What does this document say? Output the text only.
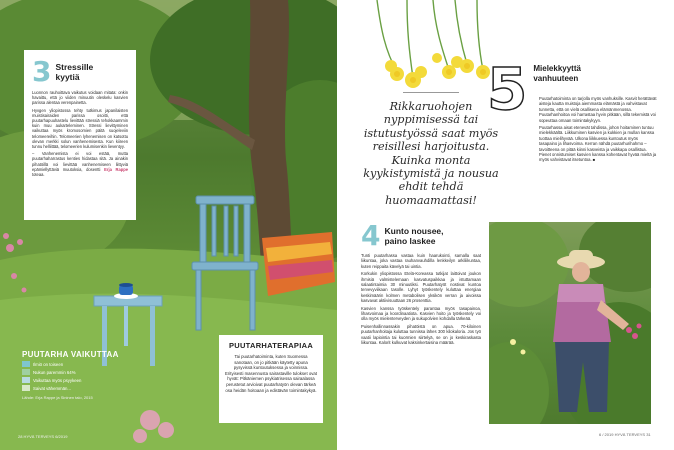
3 Stressille
kyytiä

Luonnon rauhoittava vaikutus voidaan mitata: onkin havaittu, että jo viiden minuutin oleskelu kasvien parissa alentaa verenpainetta.

Hyvgen yliopistossa tehty tutkimus japanilaisten muistisairaiden parissa osoitti, että puutarhapuuhastelu lievittää stressiä tehokkaammin kuin muu aukarteleminen. Stressi lievittyminen vaikuttaa myös kromosomien päitä suojeleviin telomeereihin. Telomeerien lyhenemisen on katsottu olevan merkki solun vanhenemisesta. Kun kiireen tunnu helliittää, telomeerien kulumisenkin lieventyy.

– Vanhenemista ei voi estää, mutta puutarhaharrastus kenties hidastaa sitä. Ja ainakin pihatöillä voi lievittää vanhenemiseen liittyviä epämiellyttäviä muutoksia, dosentti Erja Rappe toteaa.

PUUTARHA VAIKUTTAA
Ilmiö on toiseen
Nukun paremmin 64%
Vaikuttaa myös psyykeen
Saivat vähemmän...
Lähde: Erja Rappe ja Sininen talo, 2015
PUUTARHATERAPIAA
Tai puutarhatoiminta, kuten Suomessa sanotaan, on jo pitkään käytetty apuna pysyvissä kuntoutuksessa ja voinnissa. Erityisesti masennusta sairastaville tulokset ovat hyvät: Pitkäniemen psykiatrisessa sairaalassa perustetut arvioivat puutarhatyön olevan tärkeä osa heidän hoitoaan ja edistävän toimintakykyä.
28 HYVÄ TERVEYS 6/2019
Rikkaruohojen nyppimisessä tai istutustyössä saat myös reisillesi harjoitusta. Kuinka monta kyykistymistä ja nousua ehdit tehdä huomaamattasi!
5 Mielekkyyttä
vanhuuteen

Puutarhatoiminta on tarjolla myös vanhuksille. Kasvit herättävät aisteja kautta muistoja aiemmasta elämästä ja vahvistavat tunnetta, että on vielä osallisena elämänmenossa. Puutarhanhoitoa voi harrastaa hyvin pitkään, sillä tekemistä voi sopeuttaa omaan toimintakykyyn.

Puutarhassa aisat etenevät tahdissa, johon hoitaminen tuntuu mielekkäältä. Liikkuminen kasvien ja kukkien ja mullan kanssa tuottaa mielihyvää. Ulkona liikkuessa kuntoutus myös tasapaino ja lihasvoima. Kerran nähdä puutarhurihahmo – tavoitteena on pitää kiinni kasveista ja vaikkapa osallistua. Pienet onnistumiset kasvien kanssa kohentavat hyvää mieltä ja myös vahvistavat itsetuntoa. ■

4 Kunto nousee,
paino laskee

Tunti puutarhassa vastaa kuin haarukointi, samalla saat liikuntaa, joka vastaa rauhanvauhdilla lenkkeilyn arkiliikuntaa, kuten reippaita kävelyä tai uintia.

Korkukin yliopistossa Etelä-Koreassa tutkijat laittoivat joukon ihmisiä valmistelemaan kasvatuspaikkaa ja istuttamaan salaatintaimia 30 minuutiksi. Puutarhatyöt nostivat kuntoa tervevyviikaan tasolle. Lyhyt työskentely kuluttaa energiaa keskimäärin kolmen metabolisen yksikön verran ja aivoissa kasvavat aktiivisuuttaan 26 prosenttia.

Kasvien kanssa työskentely parantaa myös tasapainoa, lihasvoimaa ja koordinaatiota. Kasvien hoito ja työskentely voi olla myös mielenterveyden ja sukupolvien kohdalla tärkeää.

Puisenhallinnassakin pihatöistä on apua. 70-kiloinen puutarhanhoitaja kuluttaa tunnissa lähes 300 kilokaloria. Jos työ vaatii lapiointia tai kuormien siirtelyä, se on jo keskiraskasta liikuntaa. Kalorit kulkuvat kaksinkertaisina määrää.

6 / 2019 HYVÄ TERVEYS 31
